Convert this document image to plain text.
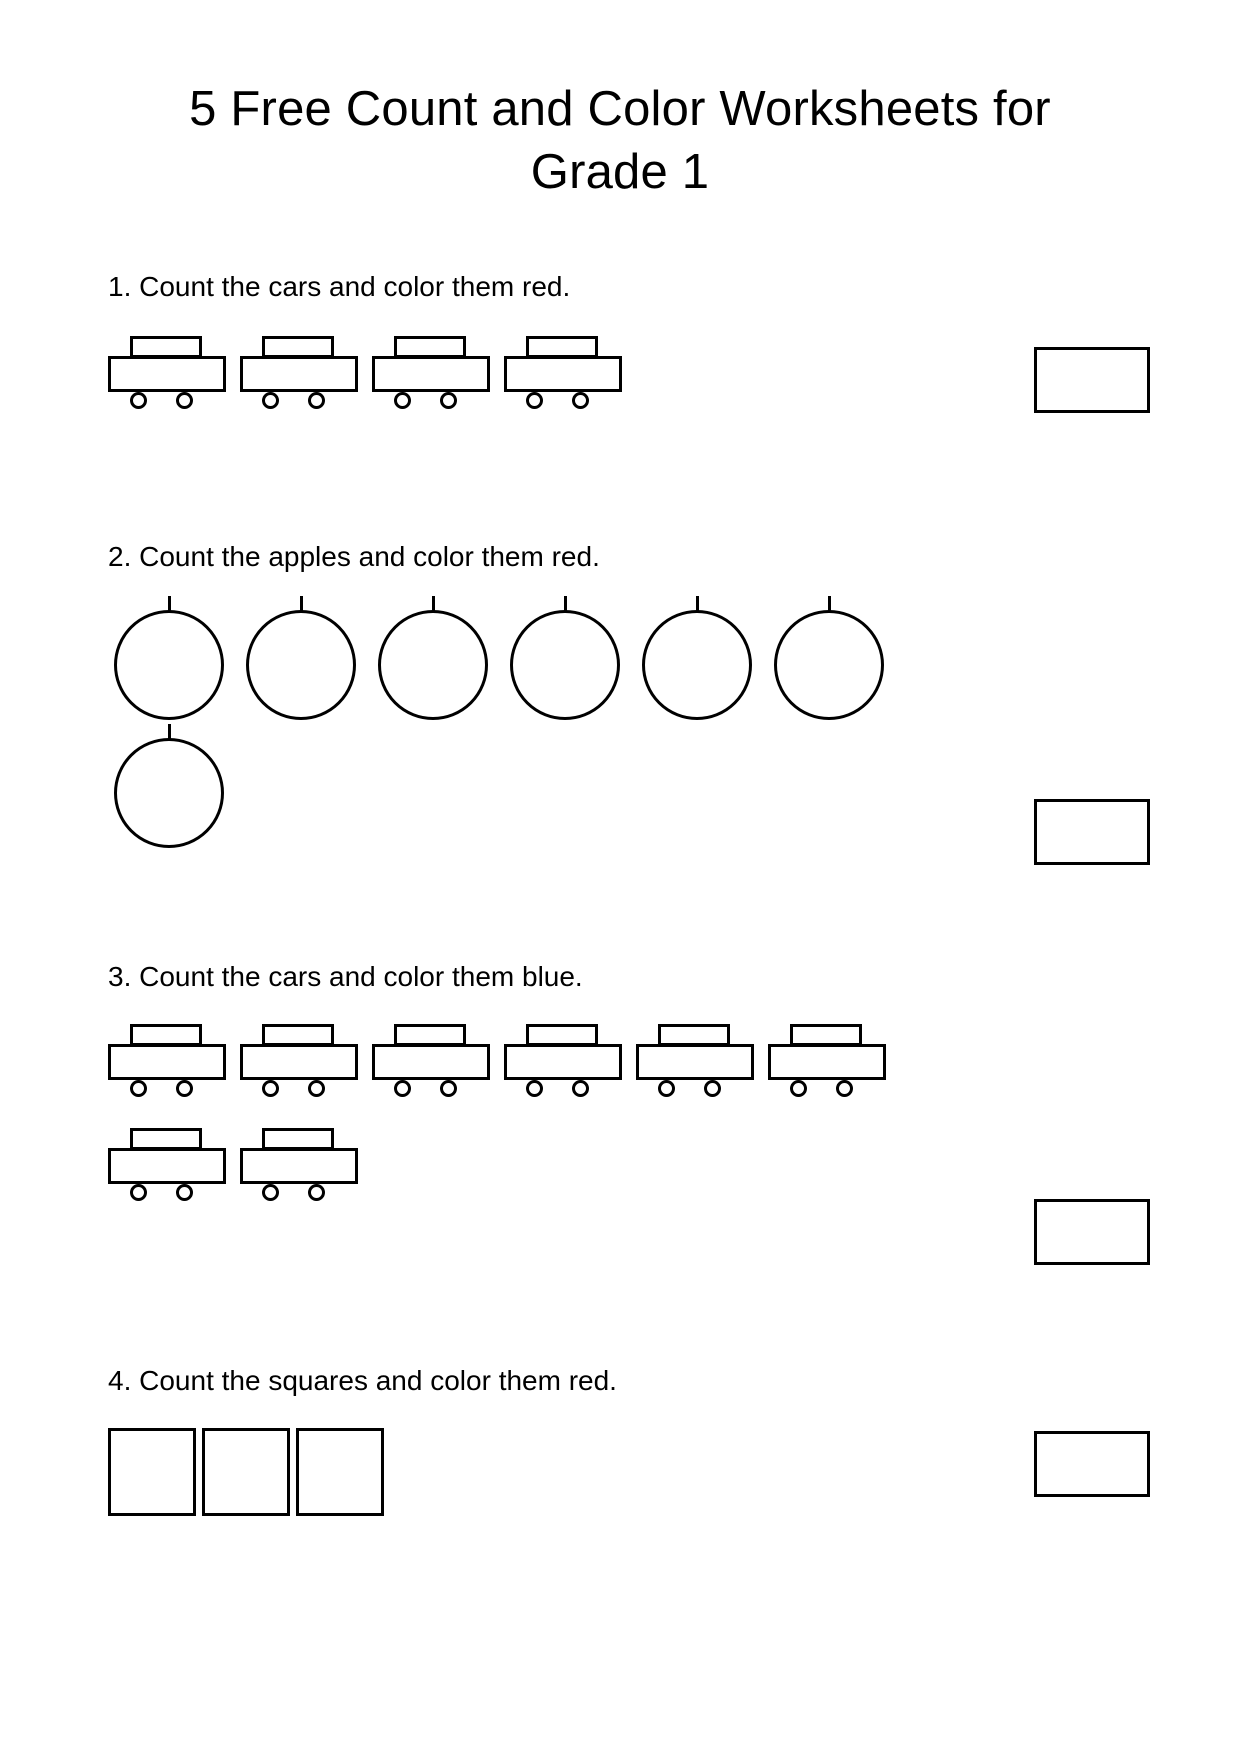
5 Free Count and Color Worksheets for Grade 1
1. Count the cars and color them red.
2. Count the apples and color them red.
3. Count the cars and color them blue.
4. Count the squares and color them red.
